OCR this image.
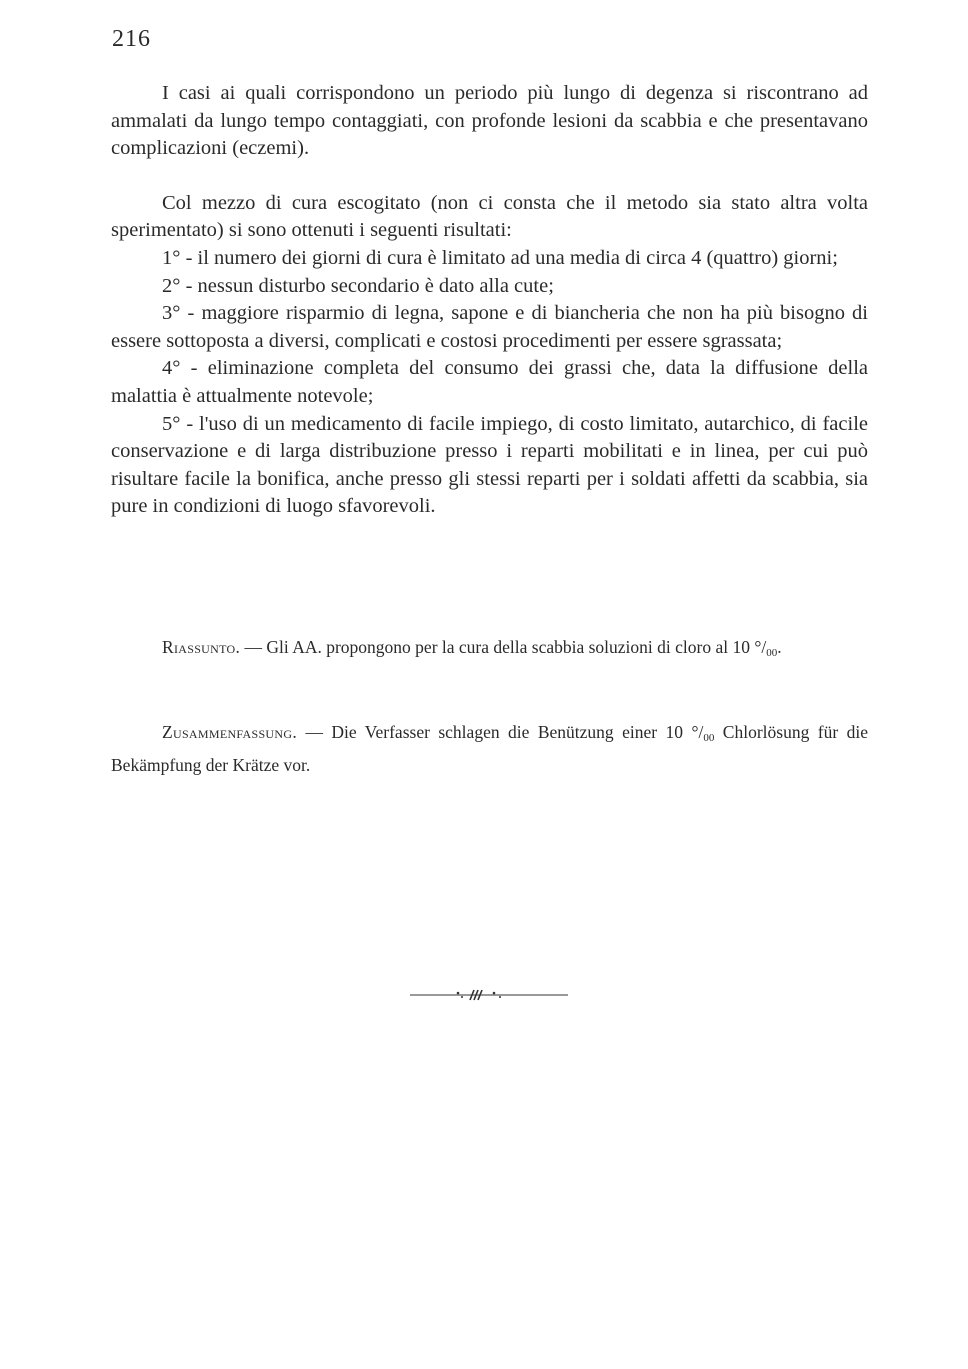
216

I casi ai quali corrispondono un periodo più lungo di degenza si riscontrano ad ammalati da lungo tempo contaggiati, con profonde lesioni da scabbia e che presentavano complicazioni (eczemi).

Col mezzo di cura escogitato (non ci consta che il metodo sia stato altra volta sperimentato) si sono ottenuti i seguenti risultati:

1° - il numero dei giorni di cura è limitato ad una media di circa 4 (quattro) giorni;

2° - nessun disturbo secondario è dato alla cute;

3° - maggiore risparmio di legna, sapone e di biancheria che non ha più bisogno di essere sottoposta a diversi, complicati e costosi procedimenti per essere sgrassata;

4° - eliminazione completa del consumo dei grassi che, data la diffusione della malattia è attualmente notevole;

5° - l'uso di un medicamento di facile impiego, di costo limitato, autarchico, di facile conservazione e di larga distribuzione presso i reparti mobilitati e in linea, per cui può risultare facile la bonifica, anche presso gli stessi reparti per i soldati affetti da scabbia, sia pure in condizioni di luogo sfavorevoli.

Riassunto. — Gli AA. propongono per la cura della scabbia soluzioni di cloro al 10 $^\circ/_{00}$.

Zusammenfassung. — Die Verfasser schlagen die Benützung einer 10 $^\circ/_{00}$ Chlorlösung für die Bekämpfung der Krätze vor.
